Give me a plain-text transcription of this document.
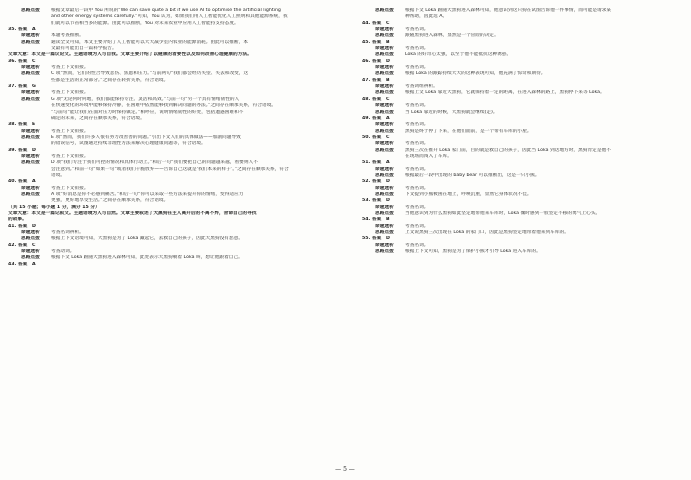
思路点拨 根据文章最后一段中 You 所说的“We can save quite a bit if we use AI to optimise the artificial lighting
and other energy systems carefully.”可知，You 认为，如果我们用人工智能优化人工照明和其他能源系统，我
们就可以节省相当多的能源。由此可以推断，You 对未来农业中应用人工智能持支持态度。
35. 答案　A
命题透析 本题考查推断。
思路点拨 通读全文可知，本文主要介绍了人工智能可以大大减少室内农业的能源消耗。由此可以推断，本
文最有可能出自一篇科学报告。
文章大意：本文是一篇议论文。主题语境为人与自我。文章主要介绍了以健康的者要性以及如何改善心理健康的方法。
36. 答案　C
命题透析 考查上下文衔接。
思路点拨 C 项“然而，它们的性合导致悲伤、焦虑和压力。”与前两句“我们都会经历失望、失去和改变，这
些都是生活的正常部分。”之间存在转折关系，符合语境。
37. 答案　G
命题透析 考查上下文衔接。
思路点拨 G 项“无论何时何地，我们都能保持专注、灵活和高效。”与前一句“另一个具有情绪韧性的人
在快速变化的环境中能够保持冷静，在困难中依然能够找到解决问题的办法。”之间存在顺承关系，符合语境。
”与前句“能让我们在面对压力时保持镇定。”相呼应，说明情绪韧性的好处，包括遭遇困难和不
确定的未来，之间存在顺承关系，符合语境。
38. 答案　E
命题透析 考查上下文衔接。
思路点拨 E 项“然而，我们许多人很有努力改善善的问题。”引出下文人们的具体做法——加剧问题导致
的错误信号，试图通过持续非理性方法来解决心理健康问题等，符合语境。
39. 答案　D
命题透析 考查上下文衔接。
思路点拨 D 项“我们专注于我们可控的情况和具体行动上。”和后一句“我们要把自己的问题越来越，看要则人不
会注意到。”和前一句“如果一句“或者我们干脆放弃——告诉自己这就是‘我们本来的样子’。”之间存在顺承关系，符合
语境。
40. 答案　A
命题透析 考查上下文衔接。
思路点拨 A 项“好消息是你不必感到痛苦。”和后一句“你可以采取一些方法来提升你的情绪，变得适应力
更强，更好地享受生活。”之间存在顺承关系，符合语境。
（共 15 小题；每小题 1 分，满分 15 分）
文章大意：本文是一篇记叙文。主题语境为人与自然。文章主要叙述了大黑狗在主人离开后的不离不弃，舍命自己的寻找
的故事。
41. 答案　D
命题透析 考查名词辨析。
思路点拨 根据上下文语境可知，大黑狗是为了 Loka 藏起它，去救自己的孩子，因此大黑狗没有恶意。
42. 答案　C
命题透析 考查动词。
思路点拨 根据下文 Loka 跟随大黑狗进入森林可知，此处表示大黑狗朝着 Loka 叫，想让他跟着自己。
43. 答案　A
思路点拨 根据下文 Loka 跟随大黑狗进入森林可知，他意识到这只狗在试图告诉他一件事情，而可能是请求某
种帮助，因此选 A。
44. 答案　C
命题透析 考查名词。
思路点拨 跟随黑狗进入森林，显然是一个冒险的决定。
45. 答案　B
命题透析 考查名词。
思路点拨 Loka 的好奇心太强，以至于他不能抵抗这种诱惑。
46. 答案　D
命题透析 考查名词。
思路点拨 根据 Loka 的跟踪持续大大的这种表现可知，他充满了惊奇和期待。
47. 答案　B
命题透析 考查词组辨析。
思路点拨 根据上文 Loka 靠近大黑狗，它就保持着一定的距离，在进入森林的路上，黑狗停下来等 Loka。
48. 答案　C
命题透析 考查名词。
思路点拨 当 Loka 靠近的时候，大黑狗就会继续(走)。
49. 答案　A
命题透析 考查名词。
思路点拨 黑狗是终于停了下来，在他们面前，是一个带有车库的小屋。
50. 答案　C
命题透析 考查名词。
思路点拨 黑狗三次在推开 Loka 家门前，目的就是救自己的孩子，因此当 Loka 到达地方时，黑狗肯定是他不
在现场而闯入了车库。
51. 答案　A
命题透析 考查名词。
思路点拨 根据最后一段中出现的 baby bear 可以推断出，这是一只小熊。
52. 答案　D
命题透析 考查名词。
思路点拨 下文提到小熊被困在地上，呼唤沉重，显然它身体状况不佳。
53. 答案　D
命题透析 考查名词。
思路点拨 当他意识到为什么黑狗如此坚定地带他来车库时，Loka 倾时感到一股坚定不移的勇气上心头。
54. 答案　B
命题透析 考查名词。
思路点拨 上文说黑狗三次出现在 Loka 的家门口，因此是黑狗坚定地带着他来到车库的。
55. 答案　D
命题透析 考查名词。
思路点拨 根据上下文可知，黑狗是为了保护小熊才引导 Loka 进入车库的。
— 5 —
